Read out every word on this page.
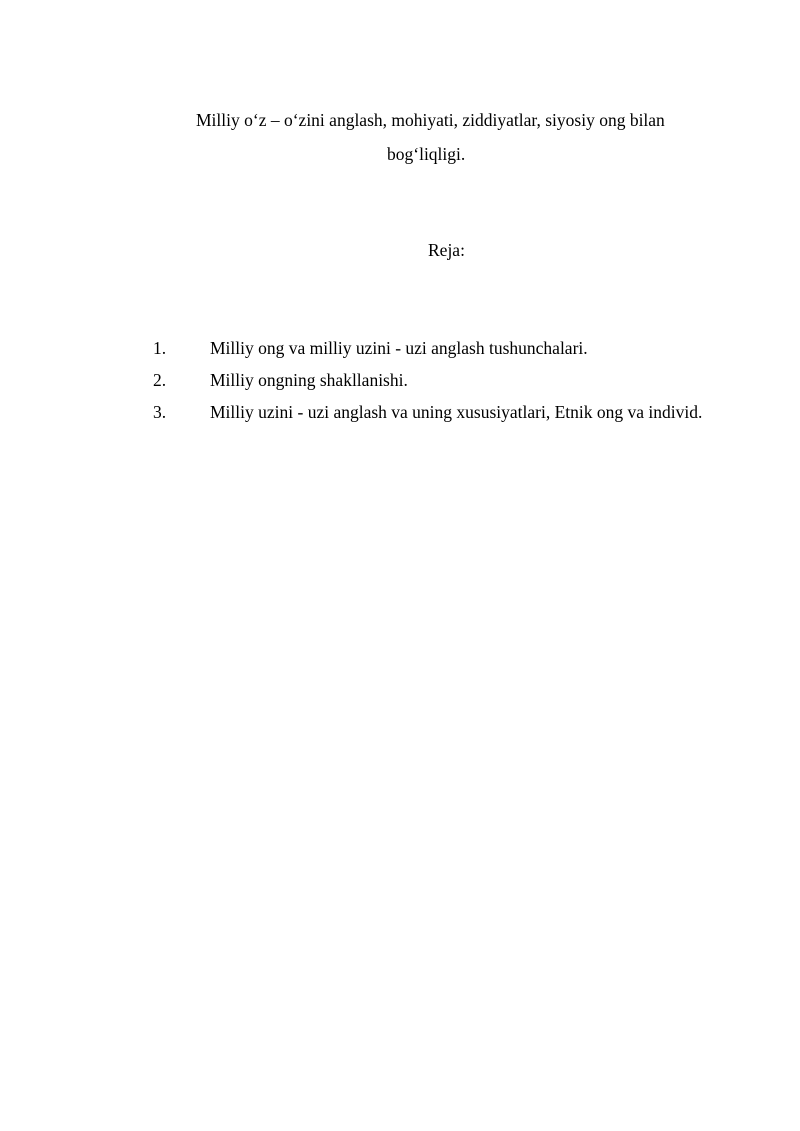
Milliy o‘z – o‘zini anglash, mohiyati, ziddiyatlar, siyosiy ong bilan
bog‘liqligi.
Reja:
1.	Milliy ong va milliy uzini - uzi anglash tushunchalari.
2.	Milliy ongning shakllanishi.
3.	Milliy uzini - uzi anglash va uning xususiyatlari, Etnik ong va individ.
